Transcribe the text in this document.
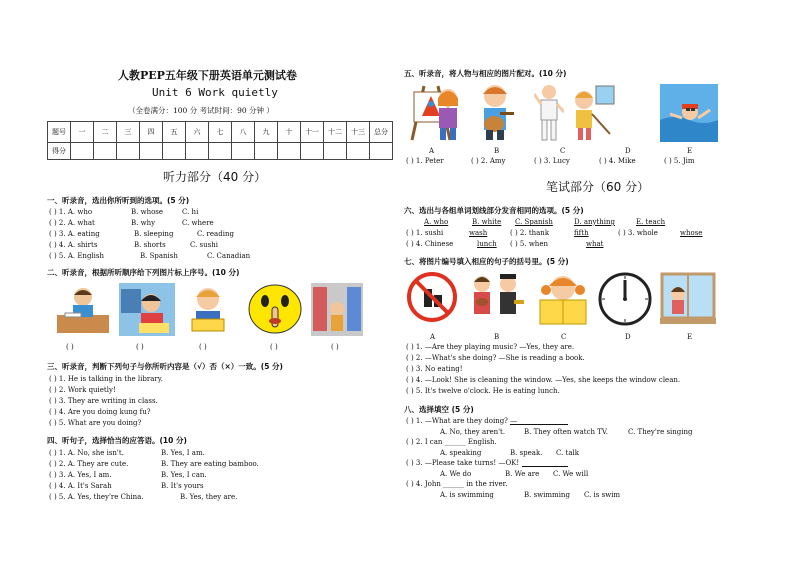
人教PEP五年级下册英语单元测试卷
Unit 6 Work quietly
（全卷满分：100 分 考试时间：90 分钟 ）
题号	一	二	三	四	五	六	七	八	九	十	十一	十二	十三	总分
得分														
听力部分（40 分）
一、听录音，选出你所听到的选项。(5 分)
( ) 1. A. who	B. whose	C. hi
( ) 2. A. what	B. why	C. where
( ) 3. A. eating	B. sleeping	C. reading
( ) 4. A. shirts	B. shorts	C. sushi
( ) 5. A. English	B. Spanish	C. Canadian
二、听录音，根据所听顺序给下列图片标上序号。(10 分)
( )	( )	( )	( )	( )
三、听录音，判断下列句子与你所听内容是（√）否（×）一致。(5 分)
( ) 1. He is talking in the library.
( ) 2. Work quietly!
( ) 3. They are writing in class.
( ) 4. Are you doing kung fu?
( ) 5. What are you doing?
四、听句子，选择恰当的应答语。(10 分)
( ) 1. A. No, she isn't.	B. Yes, I am.
( ) 2. A. They are cute.	B. They are eating bamboo.
( ) 3. A. Yes, I am.	B. Yes, I can.
( ) 4. A. It's Sarah	B. It's yours
( ) 5. A. Yes, they're China.	B. Yes, they are.
五、听录音，将人物与相应的图片配对。(10 分)
A	B	C	D	E
( ) 1. Peter	( ) 2. Amy	( ) 3. Lucy	( ) 4. Mike	( ) 5. Jim
笔试部分（60 分）
六、选出与各组单词划线部分发音相同的选项。(5 分)
A. who	B. white C. Spanish	D. anything	E. teach
( ) 1. sushi	wash	( ) 2. thank	fifth	( ) 3. whole	whose
( ) 4. Chinese	lunch ( ) 5. when	what
七、将图片编号填入相应的句子的括号里。(5 分)
A	B	C	D	E
( ) 1. —Are they playing music? —Yes, they are.
( ) 2. —What's she doing? —She is reading a book.
( ) 3. No eating!
( ) 4. —Look! She is cleaning the window. —Yes, she keeps the window clean.
( ) 5. It's twelve o'clock. He is eating lunch.
八、选择填空 (5 分)
( ) 1. —What are they doing? —
A. No, they aren't.	B. They often watch TV.	C. They're singing
( ) 2. I can ______ English.
A. speaking	B. speak. C. talk
( ) 3. —Please take turns! —OK!
A. We do	B. We are C. We will
( ) 4. John ______ in the river.
A. is swimming	B. swimming C. is swim
